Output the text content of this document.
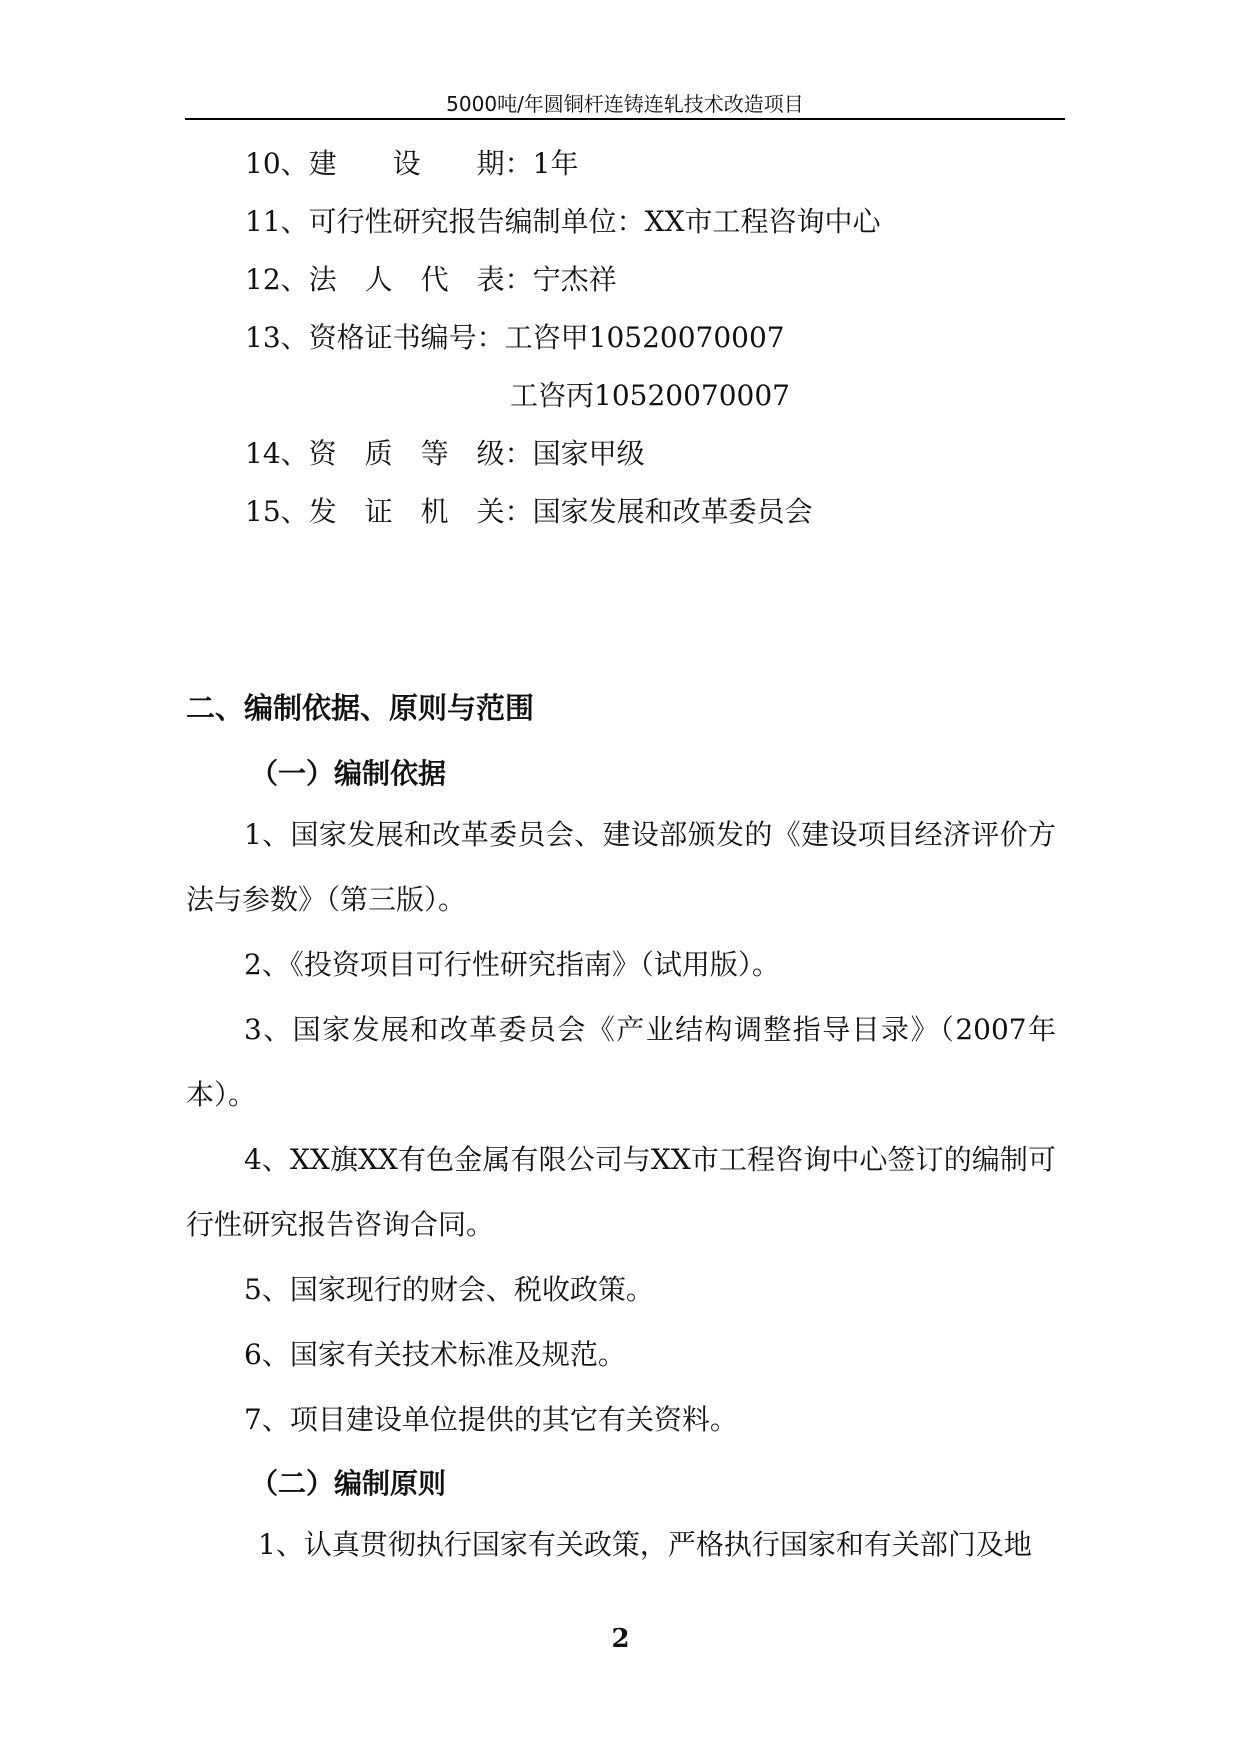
5000吨/年圆铜杆连铸连轧技术改造项目
10、建　　设　　期：1年
11、可行性研究报告编制单位：XX市工程咨询中心
12、法　人　代　表：宁杰祥
13、资格证书编号：工咨甲10520070007
工咨丙10520070007
14、资　质　等　级：国家甲级
15、发　证　机　关：国家发展和改革委员会
二、编制依据、原则与范围
（一）编制依据

1、国家发展和改革委员会、建设部颁发的《建设项目经济评价方法与参数》（第三版）。

2、《投资项目可行性研究指南》（试用版）。

3、国家发展和改革委员会《产业结构调整指导目录》（2007年本）。

4、XX旗XX有色金属有限公司与XX市工程咨询中心签订的编制可行性研究报告咨询合同。

5、国家现行的财会、税收政策。

6、国家有关技术标准及规范。

7、项目建设单位提供的其它有关资料。

（二）编制原则

1、认真贯彻执行国家有关政策，严格执行国家和有关部门及地

2
